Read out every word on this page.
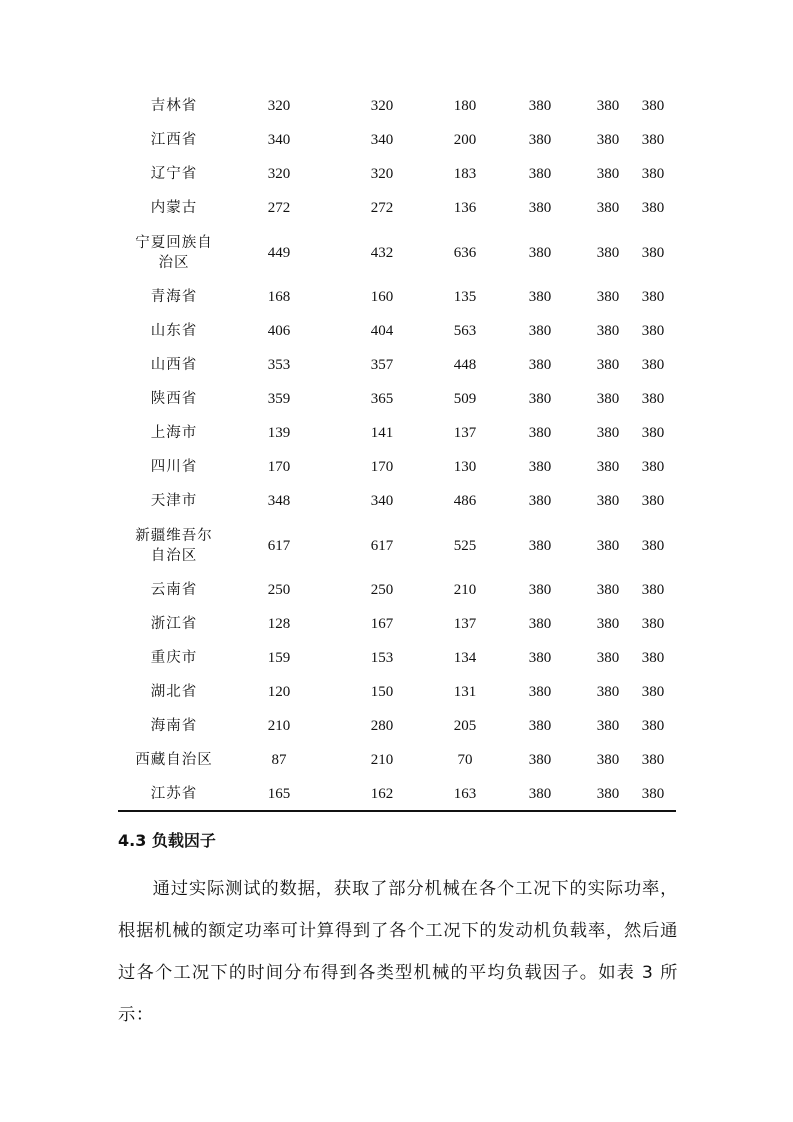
吉林省	320	320	180	380	380	380

江西省	340	340	200	380	380	380

辽宁省	320	320	183	380	380	380

内蒙古	272	272	136	380	380	380

宁夏回族自
治区	449	432	636	380	380	380

青海省	168	160	135	380	380	380

山东省	406	404	563	380	380	380

山西省	353	357	448	380	380	380

陕西省	359	365	509	380	380	380

上海市	139	141	137	380	380	380

四川省	170	170	130	380	380	380

天津市	348	340	486	380	380	380

新疆维吾尔
自治区	617	617	525	380	380	380

云南省	250	250	210	380	380	380

浙江省	128	167	137	380	380	380

重庆市	159	153	134	380	380	380

湖北省	120	150	131	380	380	380

海南省	210	280	205	380	380	380

西藏自治区	87	210	70	380	380	380

江苏省	165	162	163	380	380	380
4.3 负载因子

通过实际测试的数据，获取了部分机械在各个工况下的实际功率，根据机械的额定功率可计算得到了各个工况下的发动机负载率，然后通过各个工况下的时间分布得到各类型机械的平均负载因子。如表 3 所示：
